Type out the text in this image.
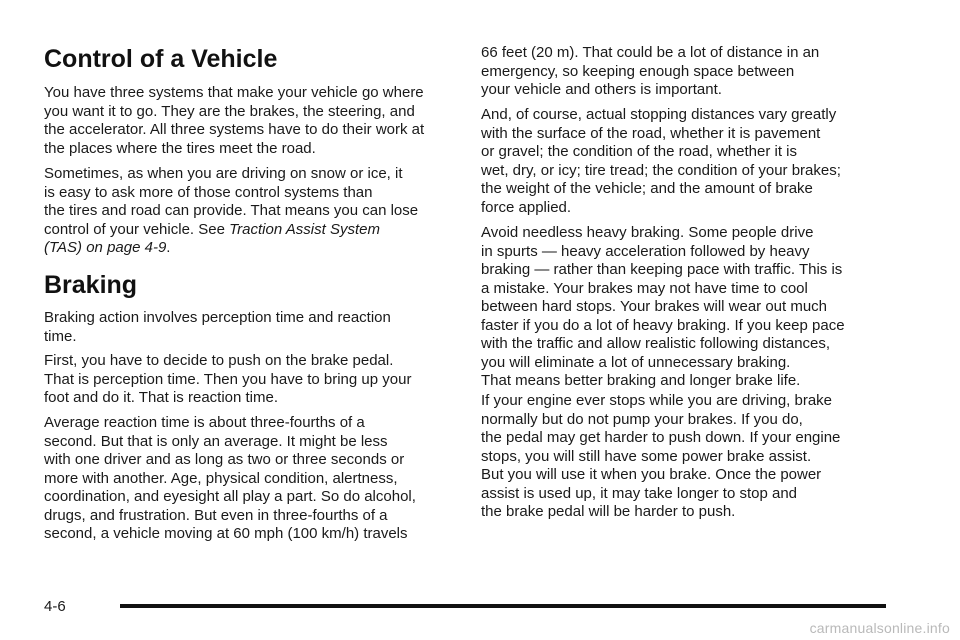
Control of a Vehicle

You have three systems that make your vehicle go where
you want it to go. They are the brakes, the steering, and
the accelerator. All three systems have to do their work at
the places where the tires meet the road.

Sometimes, as when you are driving on snow or ice, it
is easy to ask more of those control systems than
the tires and road can provide. That means you can lose
control of your vehicle. See Traction Assist System
(TAS) on page 4-9.

Braking

Braking action involves perception time and reaction
time.

First, you have to decide to push on the brake pedal.
That is perception time. Then you have to bring up your
foot and do it. That is reaction time.

Average reaction time is about three-fourths of a
second. But that is only an average. It might be less
with one driver and as long as two or three seconds or
more with another. Age, physical condition, alertness,
coordination, and eyesight all play a part. So do alcohol,
drugs, and frustration. But even in three-fourths of a
second, a vehicle moving at 60 mph (100 km/h) travels

66 feet (20 m). That could be a lot of distance in an
emergency, so keeping enough space between
your vehicle and others is important.

And, of course, actual stopping distances vary greatly
with the surface of the road, whether it is pavement
or gravel; the condition of the road, whether it is
wet, dry, or icy; tire tread; the condition of your brakes;
the weight of the vehicle; and the amount of brake
force applied.

Avoid needless heavy braking. Some people drive
in spurts — heavy acceleration followed by heavy
braking — rather than keeping pace with traffic. This is
a mistake. Your brakes may not have time to cool
between hard stops. Your brakes will wear out much
faster if you do a lot of heavy braking. If you keep pace
with the traffic and allow realistic following distances,
you will eliminate a lot of unnecessary braking.
That means better braking and longer brake life.

If your engine ever stops while you are driving, brake
normally but do not pump your brakes. If you do,
the pedal may get harder to push down. If your engine
stops, you will still have some power brake assist.
But you will use it when you brake. Once the power
assist is used up, it may take longer to stop and
the brake pedal will be harder to push.

4-6
carmanualsonline.info
